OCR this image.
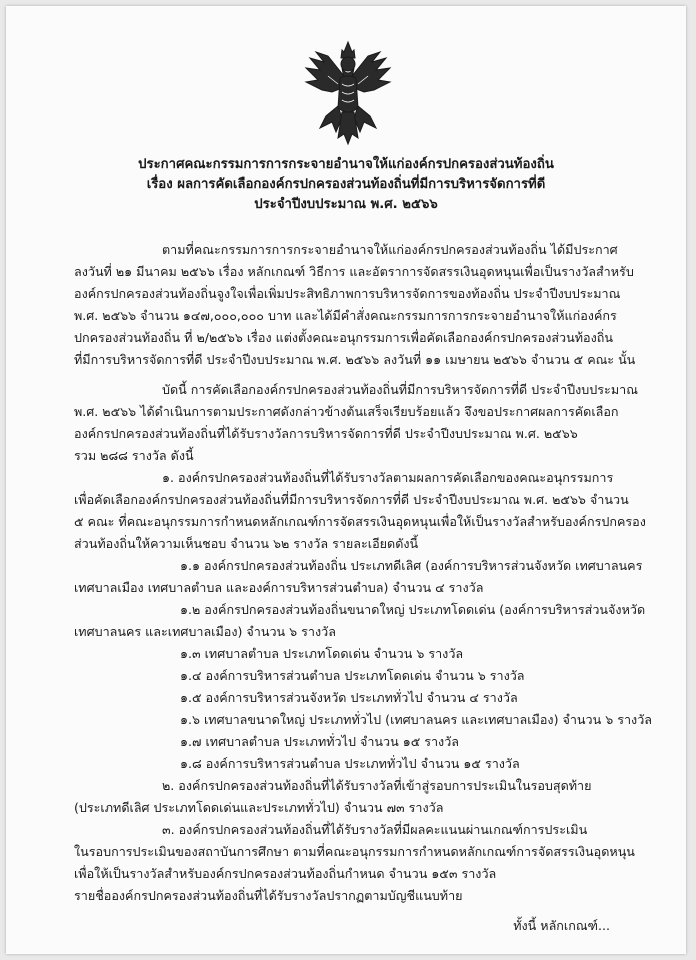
ประกาศคณะกรรมการการกระจายอำนาจให้แก่องค์กรปกครองส่วนท้องถิ่น
เรื่อง ผลการคัดเลือกองค์กรปกครองส่วนท้องถิ่นที่มีการบริหารจัดการที่ดี
ประจำปีงบประมาณ พ.ศ. ๒๕๖๖
ตามที่คณะกรรมการการกระจายอำนาจให้แก่องค์กรปกครองส่วนท้องถิ่น ได้มีประกาศ
ลงวันที่ ๒๑ มีนาคม ๒๕๖๖ เรื่อง หลักเกณฑ์ วิธีการ และอัตราการจัดสรรเงินอุดหนุนเพื่อเป็นรางวัลสำหรับ
องค์กรปกครองส่วนท้องถิ่นจูงใจเพื่อเพิ่มประสิทธิภาพการบริหารจัดการของท้องถิ่น ประจำปีงบประมาณ
พ.ศ. ๒๕๖๖ จำนวน ๑๔๗,๐๐๐,๐๐๐ บาท และได้มีคำสั่งคณะกรรมการการกระจายอำนาจให้แก่องค์กร
ปกครองส่วนท้องถิ่น ที่ ๒/๒๕๖๖ เรื่อง แต่งตั้งคณะอนุกรรมการเพื่อคัดเลือกองค์กรปกครองส่วนท้องถิ่น
ที่มีการบริหารจัดการที่ดี ประจำปีงบประมาณ พ.ศ. ๒๕๖๖ ลงวันที่ ๑๑ เมษายน ๒๕๖๖ จำนวน ๕ คณะ นั้น
บัดนี้ การคัดเลือกองค์กรปกครองส่วนท้องถิ่นที่มีการบริหารจัดการที่ดี ประจำปีงบประมาณ
พ.ศ. ๒๕๖๖ ได้ดำเนินการตามประกาศดังกล่าวข้างต้นเสร็จเรียบร้อยแล้ว จึงขอประกาศผลการคัดเลือก
องค์กรปกครองส่วนท้องถิ่นที่ได้รับรางวัลการบริหารจัดการที่ดี ประจำปีงบประมาณ พ.ศ. ๒๕๖๖
รวม ๒๘๘ รางวัล ดังนี้
๑. องค์กรปกครองส่วนท้องถิ่นที่ได้รับรางวัลตามผลการคัดเลือกของคณะอนุกรรมการ
เพื่อคัดเลือกองค์กรปกครองส่วนท้องถิ่นที่มีการบริหารจัดการที่ดี ประจำปีงบประมาณ พ.ศ. ๒๕๖๖ จำนวน
๕ คณะ ที่คณะอนุกรรมการกำหนดหลักเกณฑ์การจัดสรรเงินอุดหนุนเพื่อให้เป็นรางวัลสำหรับองค์กรปกครอง
ส่วนท้องถิ่นให้ความเห็นชอบ จำนวน ๖๒ รางวัล รายละเอียดดังนี้
๑.๑ องค์กรปกครองส่วนท้องถิ่น ประเภทดีเลิศ (องค์การบริหารส่วนจังหวัด เทศบาลนคร
เทศบาลเมือง เทศบาลตำบล และองค์การบริหารส่วนตำบล) จำนวน ๔ รางวัล
๑.๒ องค์กรปกครองส่วนท้องถิ่นขนาดใหญ่ ประเภทโดดเด่น (องค์การบริหารส่วนจังหวัด
เทศบาลนคร และเทศบาลเมือง) จำนวน ๖ รางวัล
๑.๓ เทศบาลตำบล ประเภทโดดเด่น จำนวน ๖ รางวัล
๑.๔ องค์การบริหารส่วนตำบล ประเภทโดดเด่น จำนวน ๖ รางวัล
๑.๕ องค์การบริหารส่วนจังหวัด ประเภททั่วไป จำนวน ๔ รางวัล
๑.๖ เทศบาลขนาดใหญ่ ประเภททั่วไป (เทศบาลนคร และเทศบาลเมือง) จำนวน ๖ รางวัล
๑.๗ เทศบาลตำบล ประเภททั่วไป จำนวน ๑๕ รางวัล
๑.๘ องค์การบริหารส่วนตำบล ประเภททั่วไป จำนวน ๑๕ รางวัล
๒. องค์กรปกครองส่วนท้องถิ่นที่ได้รับรางวัลที่เข้าสู่รอบการประเมินในรอบสุดท้าย
(ประเภทดีเลิศ ประเภทโดดเด่นและประเภททั่วไป) จำนวน ๗๓ รางวัล
๓. องค์กรปกครองส่วนท้องถิ่นที่ได้รับรางวัลที่มีผลคะแนนผ่านเกณฑ์การประเมิน
ในรอบการประเมินของสถาบันการศึกษา ตามที่คณะอนุกรรมการกำหนดหลักเกณฑ์การจัดสรรเงินอุดหนุน
เพื่อให้เป็นรางวัลสำหรับองค์กรปกครองส่วนท้องถิ่นกำหนด จำนวน ๑๕๓ รางวัล
รายชื่อองค์กรปกครองส่วนท้องถิ่นที่ได้รับรางวัลปรากฏตามบัญชีแนบท้าย
ทั้งนี้ หลักเกณฑ์...
